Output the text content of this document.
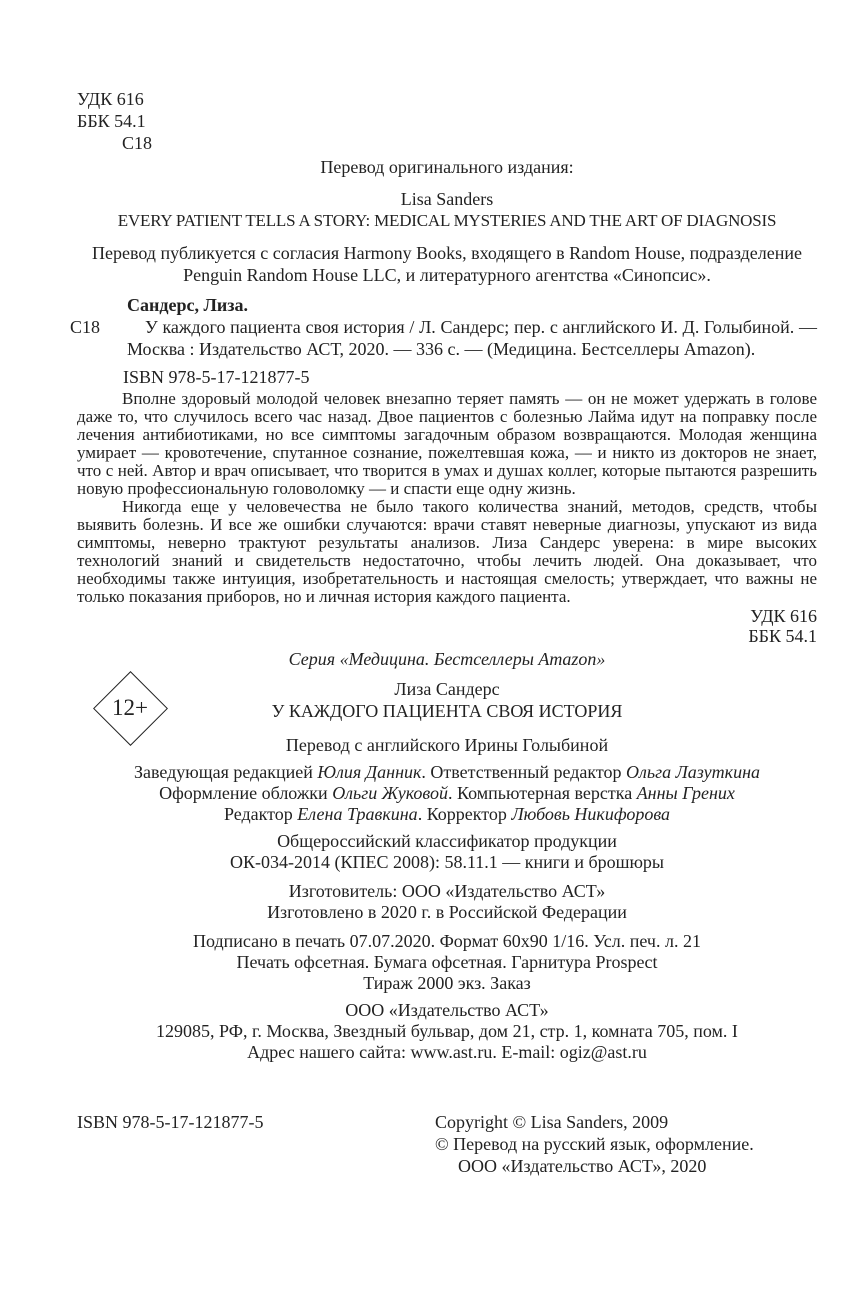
УДК 616
ББК 54.1
С18
Перевод оригинального издания:
Lisa Sanders
EVERY PATIENT TELLS A STORY: MEDICAL MYSTERIES AND THE ART OF DIAGNOSIS
Перевод публикуется с согласия Harmony Books, входящего в Random House, подразделение Penguin Random House LLC, и литературного агентства «Синопсис».
Сандерс, Лиза.
С18 У каждого пациента своя история / Л. Сандерс; пер. с английского И. Д. Голыбиной. — Москва : Издательство АСТ, 2020. — 336 с. — (Медицина. Бестселлеры Amazon).
ISBN 978-5-17-121877-5

Вполне здоровый молодой человек внезапно теряет память — он не может удержать в голове даже то, что случилось всего час назад. Двое пациентов с болезнью Лайма идут на поправку после лечения антибиотиками, но все симптомы загадочным образом возвращаются. Молодая женщина умирает — кровотечение, спутанное сознание, пожелтевшая кожа, — и никто из докторов не знает, что с ней. Автор и врач описывает, что творится в умах и душах коллег, которые пытаются разрешить новую профессиональную головоломку — и спасти еще одну жизнь.

Никогда еще у человечества не было такого количества знаний, методов, средств, чтобы выявить болезнь. И все же ошибки случаются: врачи ставят неверные диагнозы, упускают из вида симптомы, неверно трактуют результаты анализов. Лиза Сандерс уверена: в мире высоких технологий знаний и свидетельств недостаточно, чтобы лечить людей. Она доказывает, что необходимы также интуиция, изобретательность и настоящая смелость; утверждает, что важны не только показания приборов, но и личная история каждого пациента.

УДК 616
ББК 54.1
Серия «Медицина. Бестселлеры Amazon»
Лиза Сандерс
У КАЖДОГО ПАЦИЕНТА СВОЯ ИСТОРИЯ
Перевод с английского Ирины Голыбиной
Заведующая редакцией Юлия Данник. Ответственный редактор Ольга Лазуткина
Оформление обложки Ольги Жуковой. Компьютерная верстка Анны Грених
Редактор Елена Травкина. Корректор Любовь Никифорова
Общероссийский классификатор продукции
ОК-034-2014 (КПЕС 2008): 58.11.1 — книги и брошюры
Изготовитель: ООО «Издательство АСТ»
Изготовлено в 2020 г. в Российской Федерации
Подписано в печать 07.07.2020. Формат 60x90 1/16. Усл. печ. л. 21
Печать офсетная. Бумага офсетная. Гарнитура Prospect
Тираж 2000 экз. Заказ
ООО «Издательство АСТ»
129085, РФ, г. Москва, Звездный бульвар, дом 21, стр. 1, комната 705, пом. I
Адрес нашего сайта: www.ast.ru. E-mail: ogiz@ast.ru
ISBN 978-5-17-121877-5	Copyright © Lisa Sanders, 2009
© Перевод на русский язык, оформление.
ООО «Издательство АСТ», 2020
12+
